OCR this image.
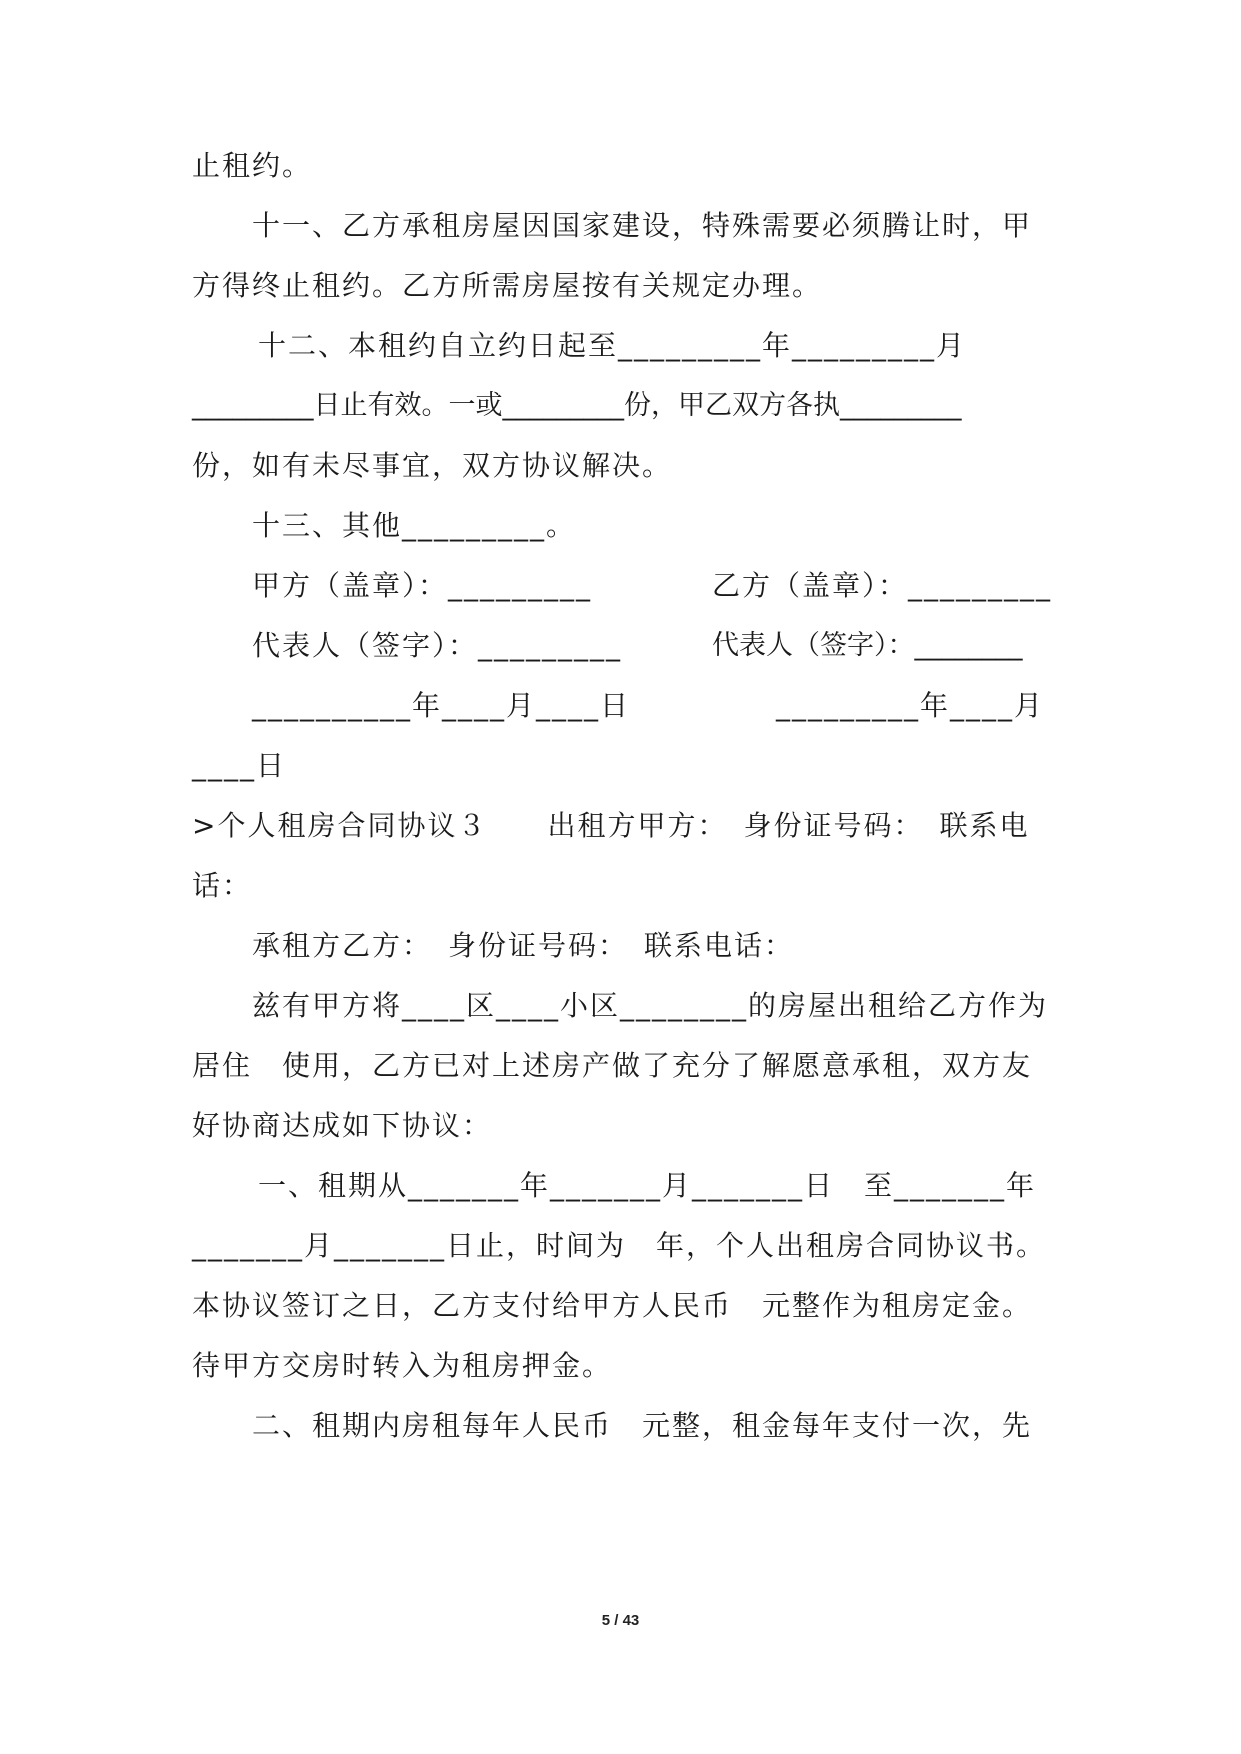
止租约。
十一、乙方承租房屋因国家建设，特殊需要必须腾让时，甲
方得终止租约。乙方所需房屋按有关规定办理。
十二、本租约自立约日起至_________年_________月
_________日止有效。一或_________份，甲乙双方各执_________
份，如有未尽事宜，双方协议解决。
十三、其他_________。
甲方（盖章）：_________	乙方（盖章）：_________
代表人（签字）：_________	代表人（签字）：________
__________年____月____日	_________年____月
____日
>个人租房合同协议３　　出租方甲方：　身份证号码：　联系电
话：
承租方乙方：　身份证号码：　联系电话：
兹有甲方将____区____小区________的房屋出租给乙方作为
居住　使用，乙方已对上述房产做了充分了解愿意承租，双方友
好协商达成如下协议：
一、租期从_______年_______月_______日　至_______年
_______月_______日止，时间为　年，个人出租房合同协议书。
本协议签订之日，乙方支付给甲方人民币　元整作为租房定金。
待甲方交房时转入为租房押金。
二、租期内房租每年人民币　元整，租金每年支付一次，先
5 / 43
